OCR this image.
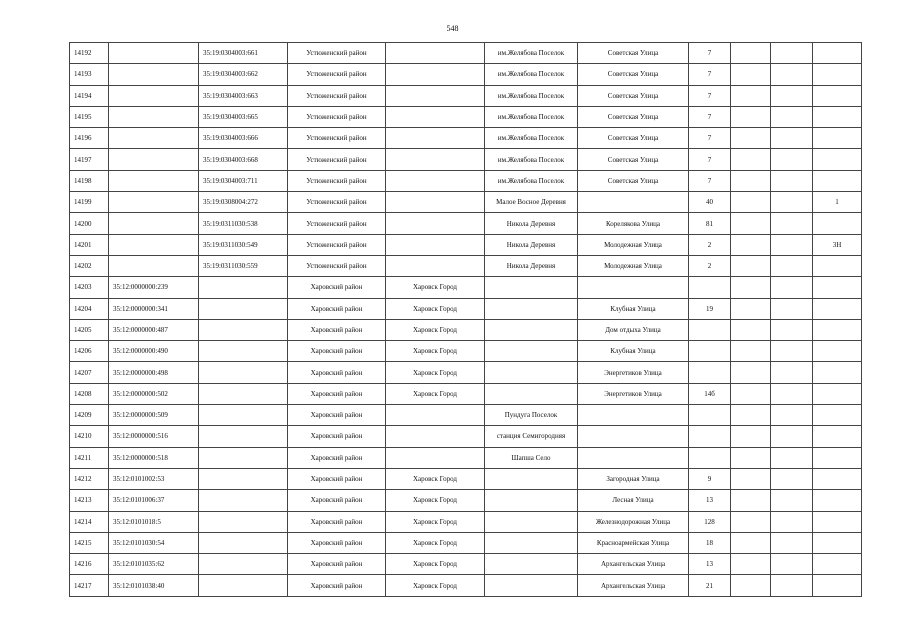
548
14192		35:19:0304003:661	Устюженский район		им.Желябова Поселок	Советская Улица	7			
14193		35:19:0304003:662	Устюженский район		им.Желябова Поселок	Советская Улица	7			
14194		35:19:0304003:663	Устюженский район		им.Желябова Поселок	Советская Улица	7			
14195		35:19:0304003:665	Устюженский район		им.Желябова Поселок	Советская Улица	7			
14196		35:19:0304003:666	Устюженский район		им.Желябова Поселок	Советская Улица	7			
14197		35:19:0304003:668	Устюженский район		им.Желябова Поселок	Советская Улица	7			
14198		35:19:0304003:711	Устюженский район		им.Желябова Поселок	Советская Улица	7			
14199		35:19:0308004:272	Устюженский район		Малое Восное Деревня		40			1
14200		35:19:0311030:538	Устюженский район		Никола Деревня	Корелякова Улица	81			
14201		35:19:0311030:549	Устюженский район		Никола Деревня	Молодежная Улица	2			3Н
14202		35:19:0311030:559	Устюженский район		Никола Деревня	Молодежная Улица	2			
14203	35:12:0000000:239		Харовский район	Харовск Город						
14204	35:12:0000000:341		Харовский район	Харовск Город		Клубная Улица	19			
14205	35:12:0000000:487		Харовский район	Харовск Город		Дом отдыха Улица				
14206	35:12:0000000:490		Харовский район	Харовск Город		Клубная Улица				
14207	35:12:0000000:498		Харовский район	Харовск Город		Энергетиков Улица				
14208	35:12:0000000:502		Харовский район	Харовск Город		Энергетиков Улица	14б			
14209	35:12:0000000:509		Харовский район		Пундуга Поселок					
14210	35:12:0000000:516		Харовский район		станция Семигородняя					
14211	35:12:0000000:518		Харовский район		Шапша Село					
14212	35:12:0101002:53		Харовский район	Харовск Город		Загородная Улица	9			
14213	35:12:0101006:37		Харовский район	Харовск Город		Лесная Улица	13			
14214	35:12:0101018:5		Харовский район	Харовск Город		Железнодорожная Улица	128			
14215	35:12:0101030:54		Харовский район	Харовск Город		Красноармейская Улица	18			
14216	35:12:0101035:62		Харовский район	Харовск Город		Архангельская Улица	13			
14217	35:12:0101038:40		Харовский район	Харовск Город		Архангельская Улица	21			
